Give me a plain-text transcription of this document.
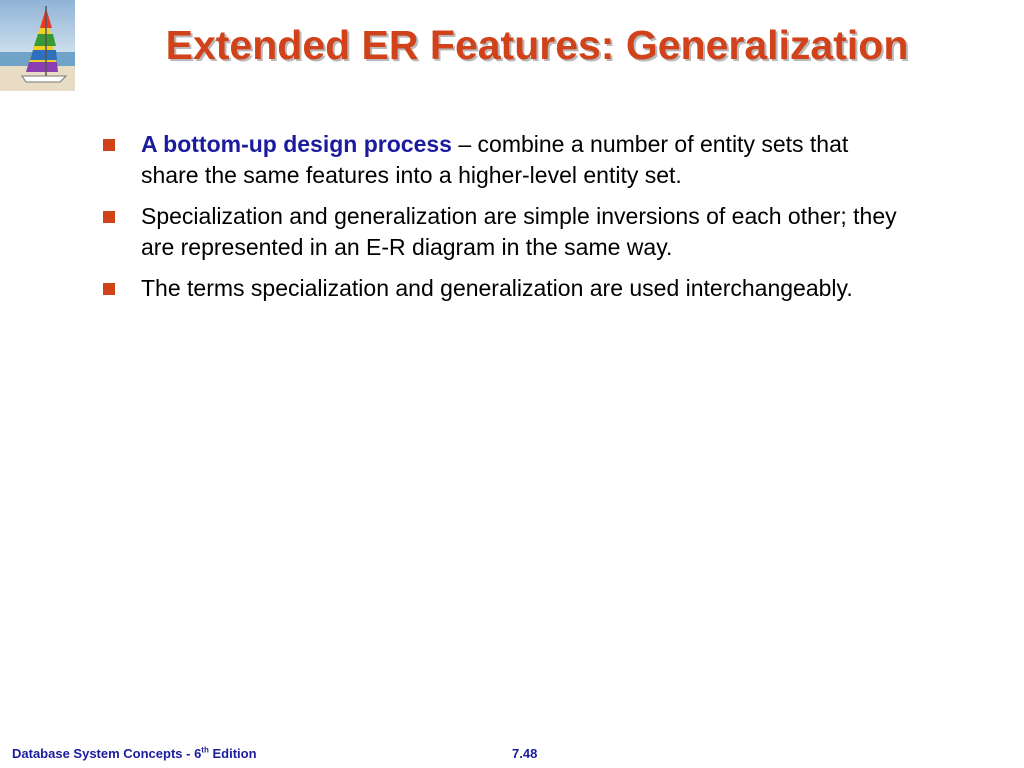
Extended ER Features: Generalization
A bottom-up design process – combine a number of entity sets that share the same features into a higher-level entity set.
Specialization and generalization are simple inversions of each other; they are represented in an E-R diagram in the same way.
The terms specialization and generalization are used interchangeably.
Database System Concepts - 6th Edition	7.48
